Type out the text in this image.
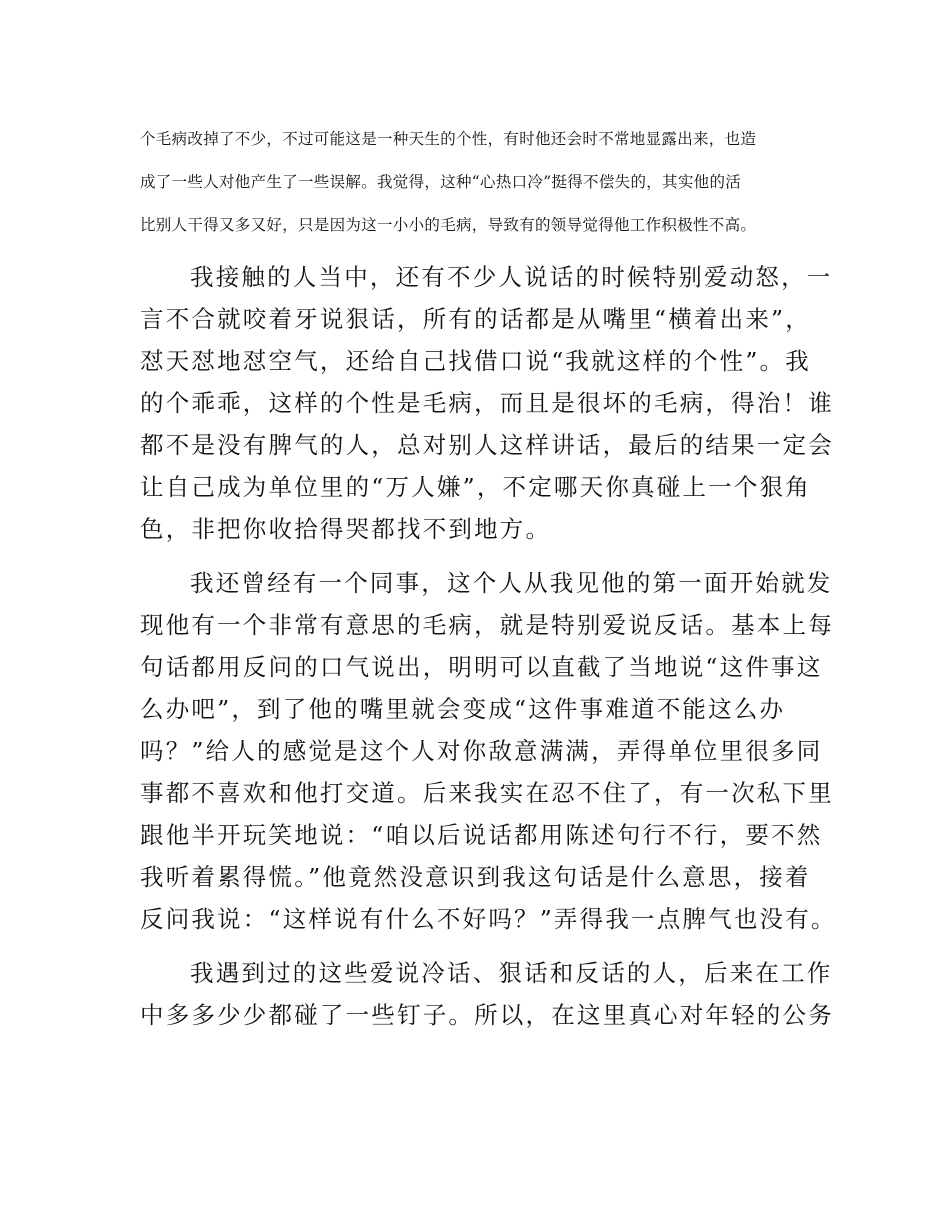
个毛病改掉了不少，不过可能这是一种天生的个性，有时他还会时不常地显露出来，也造
成了一些人对他产生了一些误解。我觉得，这种“心热口冷”挺得不偿失的，其实他的活
比别人干得又多又好，只是因为这一小小的毛病，导致有的领导觉得他工作积极性不高。
我接触的人当中，还有不少人说话的时候特别爱动怒，一
言不合就咬着牙说狠话，所有的话都是从嘴里“横着出来”，
怼天怼地怼空气，还给自己找借口说“我就这样的个性”。我
的个乖乖，这样的个性是毛病，而且是很坏的毛病，得治！谁
都不是没有脾气的人，总对别人这样讲话，最后的结果一定会
让自己成为单位里的“万人嫌”，不定哪天你真碰上一个狠角
色，非把你收拾得哭都找不到地方。
我还曾经有一个同事，这个人从我见他的第一面开始就发
现他有一个非常有意思的毛病，就是特别爱说反话。基本上每
句话都用反问的口气说出，明明可以直截了当地说“这件事这
么办吧”，到了他的嘴里就会变成“这件事难道不能这么办
吗？”给人的感觉是这个人对你敌意满满，弄得单位里很多同
事都不喜欢和他打交道。后来我实在忍不住了，有一次私下里
跟他半开玩笑地说：“咱以后说话都用陈述句行不行，要不然
我听着累得慌。”他竟然没意识到我这句话是什么意思，接着
反问我说：“这样说有什么不好吗？”弄得我一点脾气也没有。
我遇到过的这些爱说冷话、狠话和反话的人，后来在工作
中多多少少都碰了一些钉子。所以，在这里真心对年轻的公务
